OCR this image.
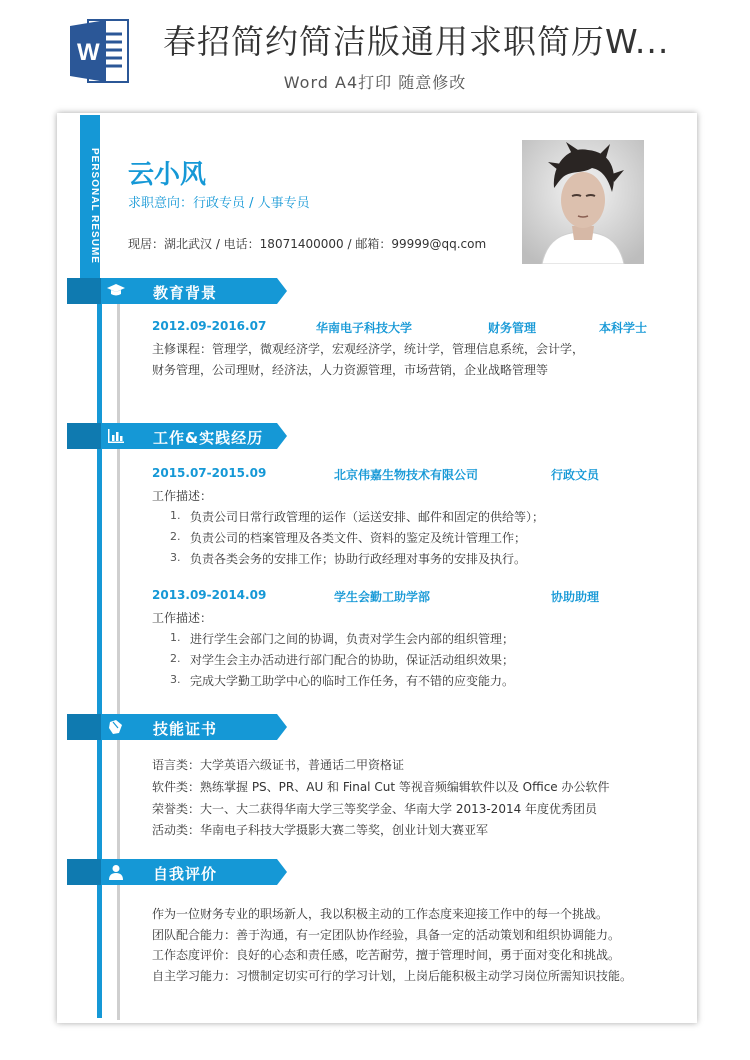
W 春招简约简洁版通用求职简历W...
Word A4打印 随意修改
PERSONAL RESUME 云小风
求职意向：行政专员 / 人事专员
现居：湖北武汉 / 电话：18071400000 / 邮箱：99999@qq.com
教育背景
2012.09-2016.07	华南电子科技大学	财务管理	本科学士
主修课程：管理学，微观经济学，宏观经济学，统计学，管理信息系统，会计学，
财务管理，公司理财，经济法，人力资源管理，市场营销，企业战略管理等
工作&实践经历
2015.07-2015.09	北京伟嘉生物技术有限公司	行政文员
工作描述：
1. 负责公司日常行政管理的运作（运送安排、邮件和固定的供给等）；
2. 负责公司的档案管理及各类文件、资料的鉴定及统计管理工作；
3. 负责各类会务的安排工作；协助行政经理对事务的安排及执行。
2013.09-2014.09	学生会勤工助学部	协助助理
工作描述：
1. 进行学生会部门之间的协调，负责对学生会内部的组织管理；
2. 对学生会主办活动进行部门配合的协助，保证活动组织效果；
3. 完成大学勤工助学中心的临时工作任务，有不错的应变能力。
技能证书
语言类：大学英语六级证书，普通话二甲资格证
软件类：熟练掌握 PS、PR、AU 和 Final Cut 等视音频编辑软件以及 Office 办公软件
荣誉类：大一、大二获得华南大学三等奖学金、华南大学 2013-2014 年度优秀团员
活动类：华南电子科技大学摄影大赛二等奖，创业计划大赛亚军
自我评价
作为一位财务专业的职场新人，我以积极主动的工作态度来迎接工作中的每一个挑战。
团队配合能力：善于沟通，有一定团队协作经验，具备一定的活动策划和组织协调能力。
工作态度评价：良好的心态和责任感，吃苦耐劳，擅于管理时间，勇于面对变化和挑战。
自主学习能力：习惯制定切实可行的学习计划，上岗后能积极主动学习岗位所需知识技能。
